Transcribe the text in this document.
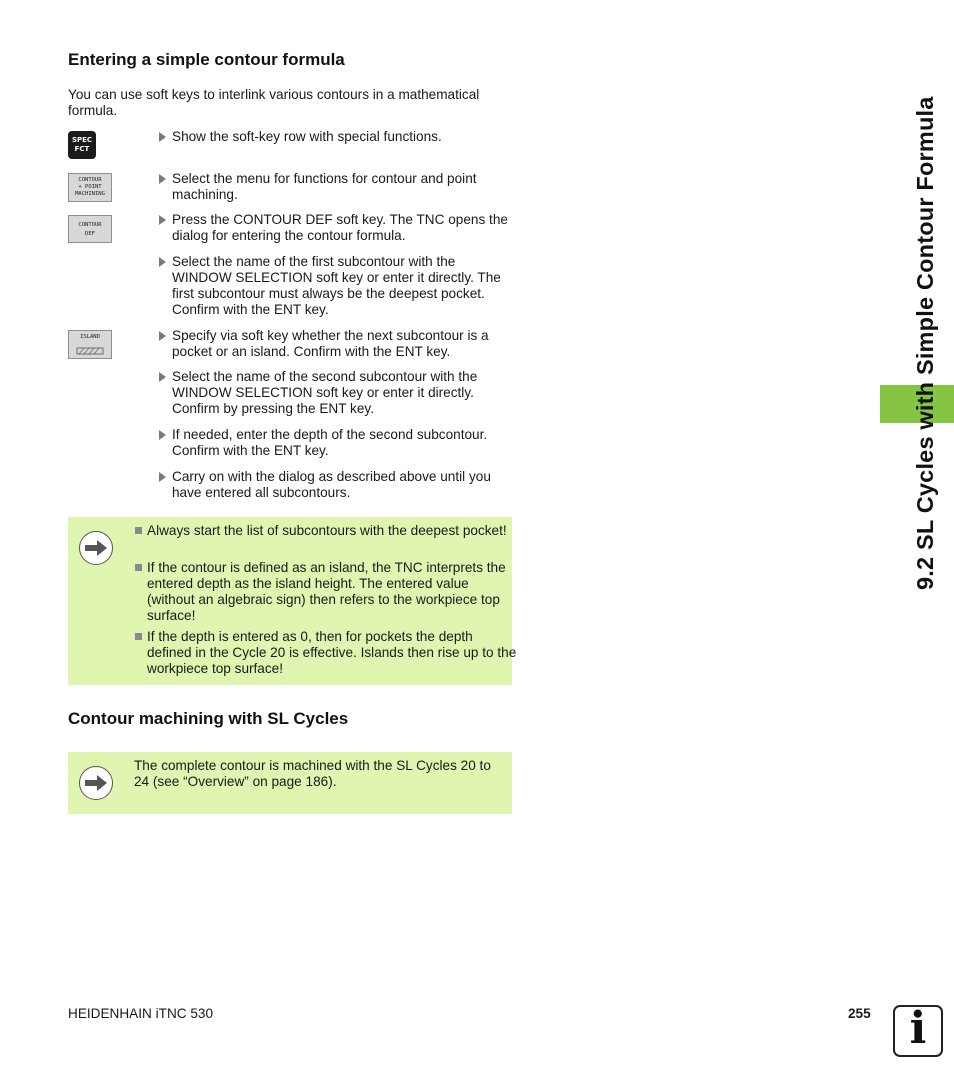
Entering a simple contour formula
You can use soft keys to interlink various contours in a mathematical formula.
SPEC
FCT
CONTOUR
+ POINT
MACHINING
CONTOUR
DEF
ISLAND
Show the soft-key row with special functions.
Select the menu for functions for contour and point machining.
Press the CONTOUR DEF soft key. The TNC opens the dialog for entering the contour formula.
Select the name of the first subcontour with the WINDOW SELECTION soft key or enter it directly. The first subcontour must always be the deepest pocket. Confirm with the ENT key.
Specify via soft key whether the next subcontour is a pocket or an island. Confirm with the ENT key.
Select the name of the second subcontour with the WINDOW SELECTION soft key or enter it directly. Confirm by pressing the ENT key.
If needed, enter the depth of the second subcontour. Confirm with the ENT key.
Carry on with the dialog as described above until you have entered all subcontours.
Always start the list of subcontours with the deepest pocket!
If the contour is defined as an island, the TNC interprets the entered depth as the island height. The entered value (without an algebraic sign) then refers to the workpiece top surface!
If the depth is entered as 0, then for pockets the depth defined in the Cycle 20 is effective. Islands then rise up to the workpiece top surface!
Contour machining with SL Cycles
The complete contour is machined with the SL Cycles 20 to 24 (see “Overview” on page 186).
9.2 SL Cycles with Simple Contour Formula
HEIDENHAIN iTNC 530	255 i
